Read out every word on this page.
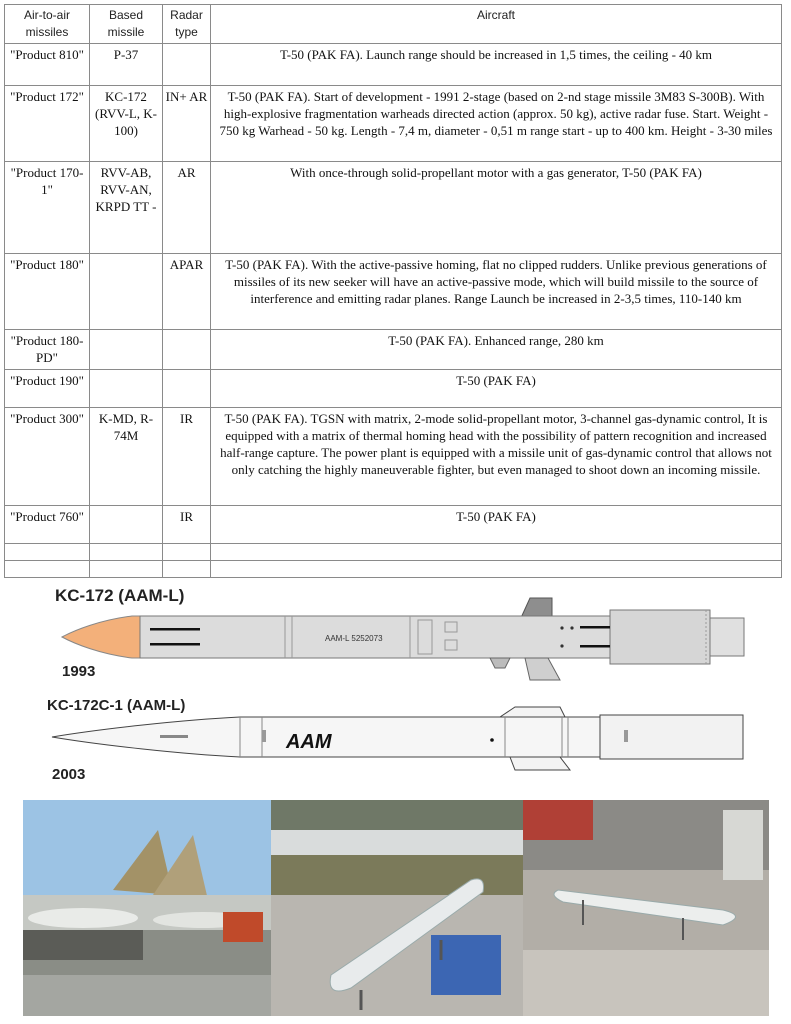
Air-to-air missiles	Based missile	Radar type	Aircraft
"Product 810"	P-37		T-50 (PAK FA). Launch range should be increased in 1,5 times, the ceiling - 40 km
"Product 172"	KC-172 (RVV-L, K-100)	IN+ AR	T-50 (PAK FA). Start of development - 1991 2-stage (based on 2-nd stage missile 3M83 S-300B). With high-explosive fragmentation warheads directed action (approx. 50 kg), active radar fuse. Start. Weight - 750 kg Warhead - 50 kg. Length - 7,4 m, diameter - 0,51 m range start - up to 400 km. Height - 3-30 miles
"Product 170-1"	RVV-AB, RVV-AN, KRPD TT -	AR	With once-through solid-propellant motor with a gas generator, T-50 (PAK FA)
"Product 180"		APAR	T-50 (PAK FA). With the active-passive homing, flat no clipped rudders. Unlike previous generations of missiles of its new seeker will have an active-passive mode, which will build missile to the source of interference and emitting radar planes. Range Launch be increased in 2-3,5 times, 110-140 km
"Product 180-PD"			T-50 (PAK FA). Enhanced range, 280 km
"Product 190"			T-50 (PAK FA)
"Product 300"	K-MD, R-74M	IR	T-50 (PAK FA). TGSN with matrix, 2-mode solid-propellant motor, 3-channel gas-dynamic control, It is equipped with a matrix of thermal homing head with the possibility of pattern recognition and increased half-range capture. The power plant is equipped with a missile unit of gas-dynamic control that allows not only catching the highly maneuverable fighter, but even managed to shoot down an incoming missile.
"Product 760"		IR	T-50 (PAK FA)

AAM-L 5252073
AAM
KC-172 (AAM-L)
1993
KC-172C-1 (AAM-L)
2003
